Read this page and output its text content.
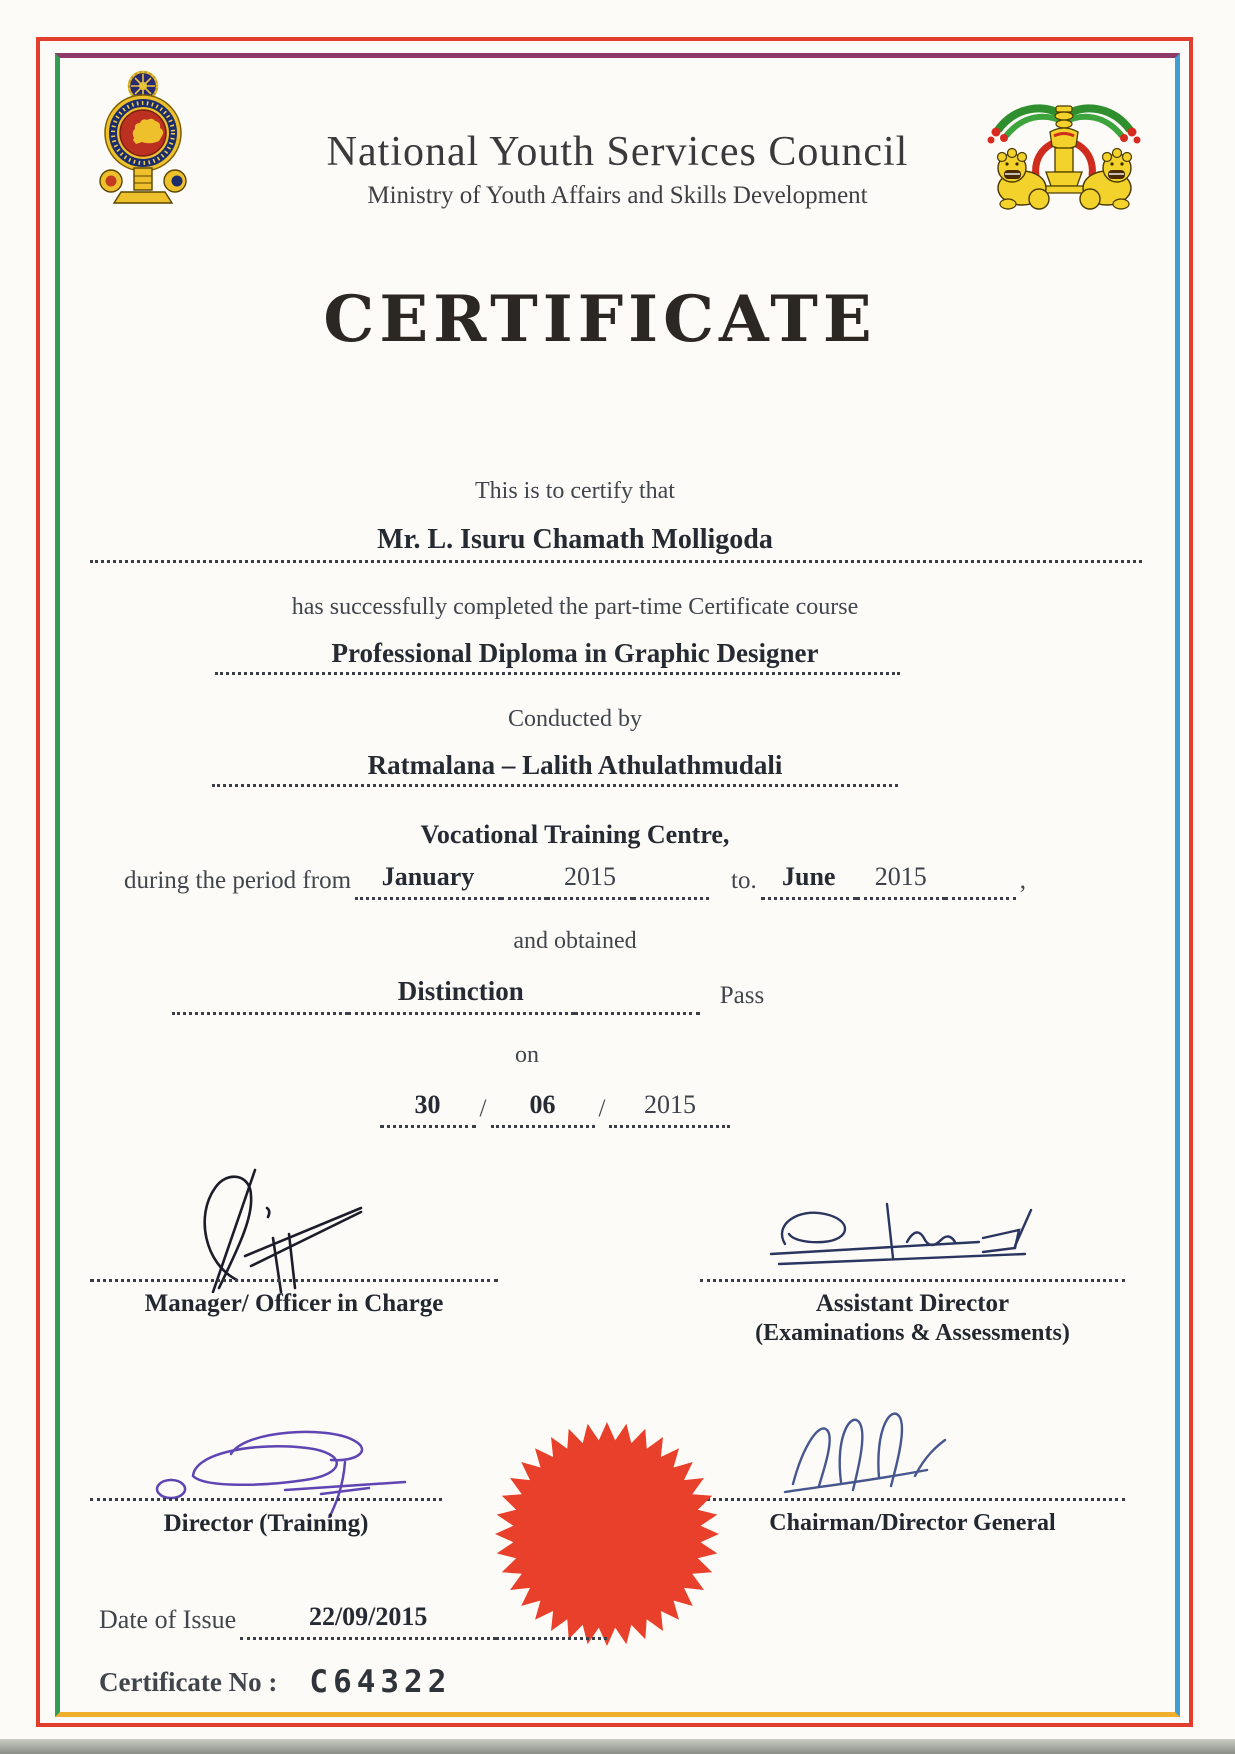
National Youth Services Council
Ministry of Youth Affairs and Skills Development
CERTIFICATE
This is to certify that
Mr. L. Isuru Chamath Molligoda
has successfully completed the part-time Certificate course
Professional Diploma in Graphic Designer
Conducted by
Ratmalana – Lalith Athulathmudali
Vocational Training Centre,
during the period from	January	2015	to. June	2015	,
and obtained
Distinction	Pass
on
30	/	06	/	2015
Manager/ Officer in Charge	Assistant Director
(Examinations & Assessments)
Director (Training)	Chairman/Director General
Date of Issue	22/09/2015
Certificate No : C64322
